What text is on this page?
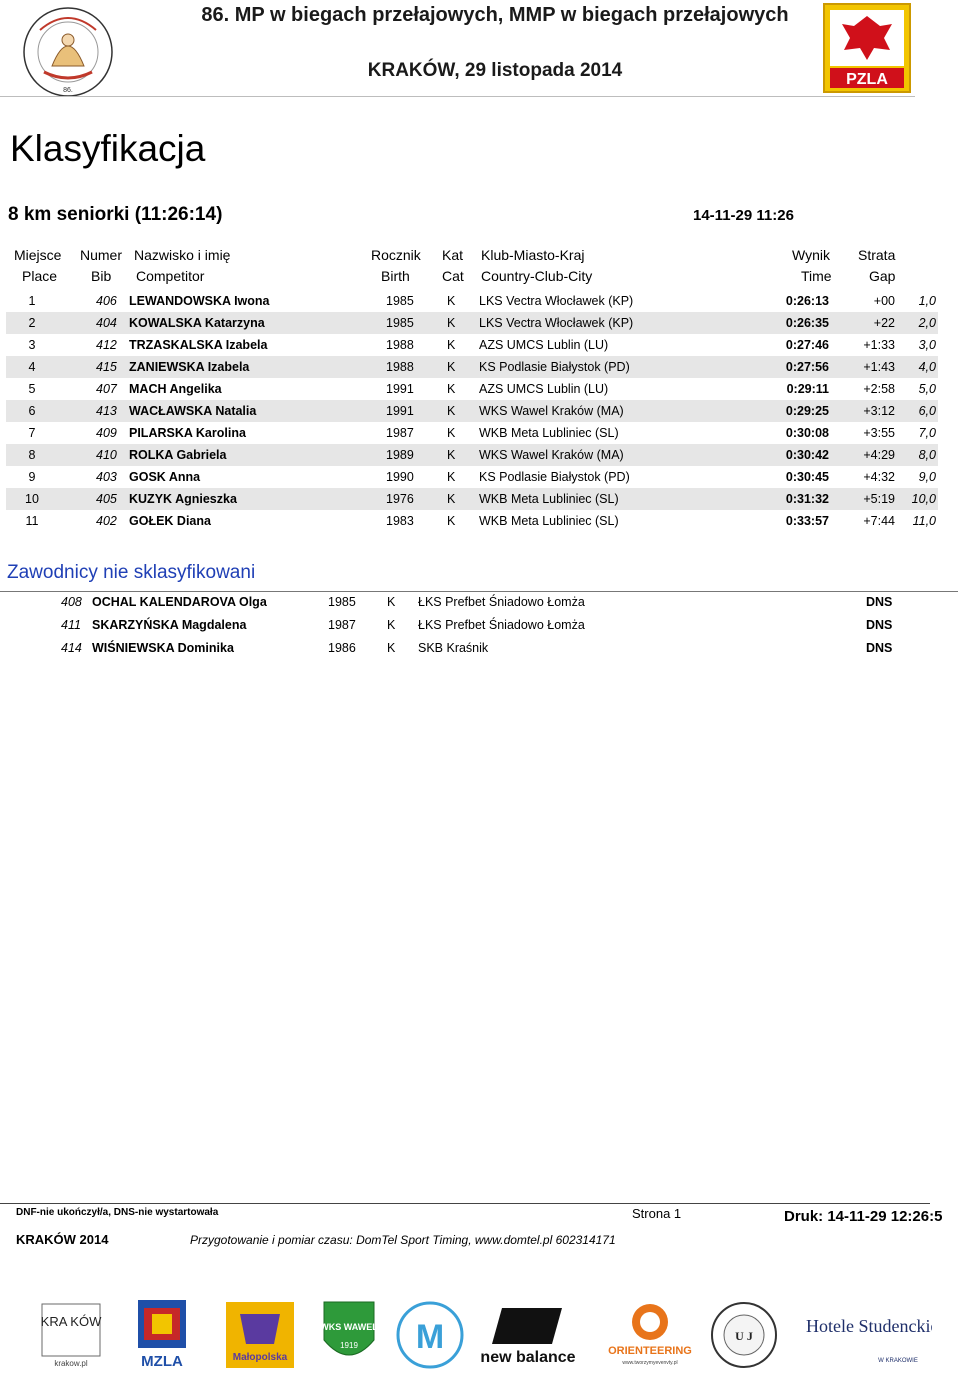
86.
86. MP w biegach przełajowych, MMP w biegach przełajowych
KRAKÓW, 29 listopada 2014	PZLA
Klasyfikacja
8 km seniorki (11:26:14)	14-11-29 11:26
Miejsce
Place
Numer
Bib
Nazwisko i imię
Competitor
Rocznik
Birth
Kat
Cat
Klub-Miasto-Kraj
Country-Club-City
Wynik
Time
Strata
Gap
1	406 LEWANDOWSKA Iwona	1985	K LKS Vectra Włocławek (KP)	0:26:13	+00	1,0
2	404 KOWALSKA Katarzyna	1985	K LKS Vectra Włocławek (KP)	0:26:35	+22	2,0
3	412 TRZASKALSKA Izabela	1988	K AZS UMCS Lublin (LU)	0:27:46	+1:33	3,0
4	415 ZANIEWSKA Izabela	1988	K KS Podlasie Białystok (PD)	0:27:56	+1:43	4,0
5	407 MACH Angelika	1991	K AZS UMCS Lublin (LU)	0:29:11	+2:58	5,0
6	413 WACŁAWSKA Natalia	1991	K WKS Wawel Kraków (MA)	0:29:25	+3:12	6,0
7	409 PILARSKA Karolina	1987	K WKB Meta Lubliniec (SL)	0:30:08	+3:55	7,0
8	410 ROLKA Gabriela	1989	K WKS Wawel Kraków (MA)	0:30:42	+4:29	8,0
9	403 GOSK Anna	1990	K KS Podlasie Białystok (PD)	0:30:45	+4:32	9,0
10	405 KUZYK Agnieszka	1976	K WKB Meta Lubliniec (SL)	0:31:32	+5:19	10,0
11	402 GOŁEK Diana	1983	K WKB Meta Lubliniec (SL)	0:33:57	+7:44	11,0
Zawodnicy nie sklasyfikowani
408 OCHAL KALENDAROVA Olga	1985 K ŁKS Prefbet Śniadowo Łomża	DNS
411 SKARZYŃSKA Magdalena	1987 K ŁKS Prefbet Śniadowo Łomża	DNS
414 WIŚNIEWSKA Dominika	1986 K SKB Kraśnik	DNS
DNF-nie ukończył/a, DNS-nie wystartowała	Strona 1	Druk: 14-11-29 12:26:5
KRAKÓW 2014	Przygotowanie i pomiar czasu: DomTel Sport Timing, www.domtel.pl 602314171
KRA KÓW
krakow.pl	MZLA	Małopolska
WKS WAWEL
1919 M
new balance	ORIENTEERING
www.tworzymyevenvty.pl
U J	Hotele Studenckie
W KRAKOWIE
